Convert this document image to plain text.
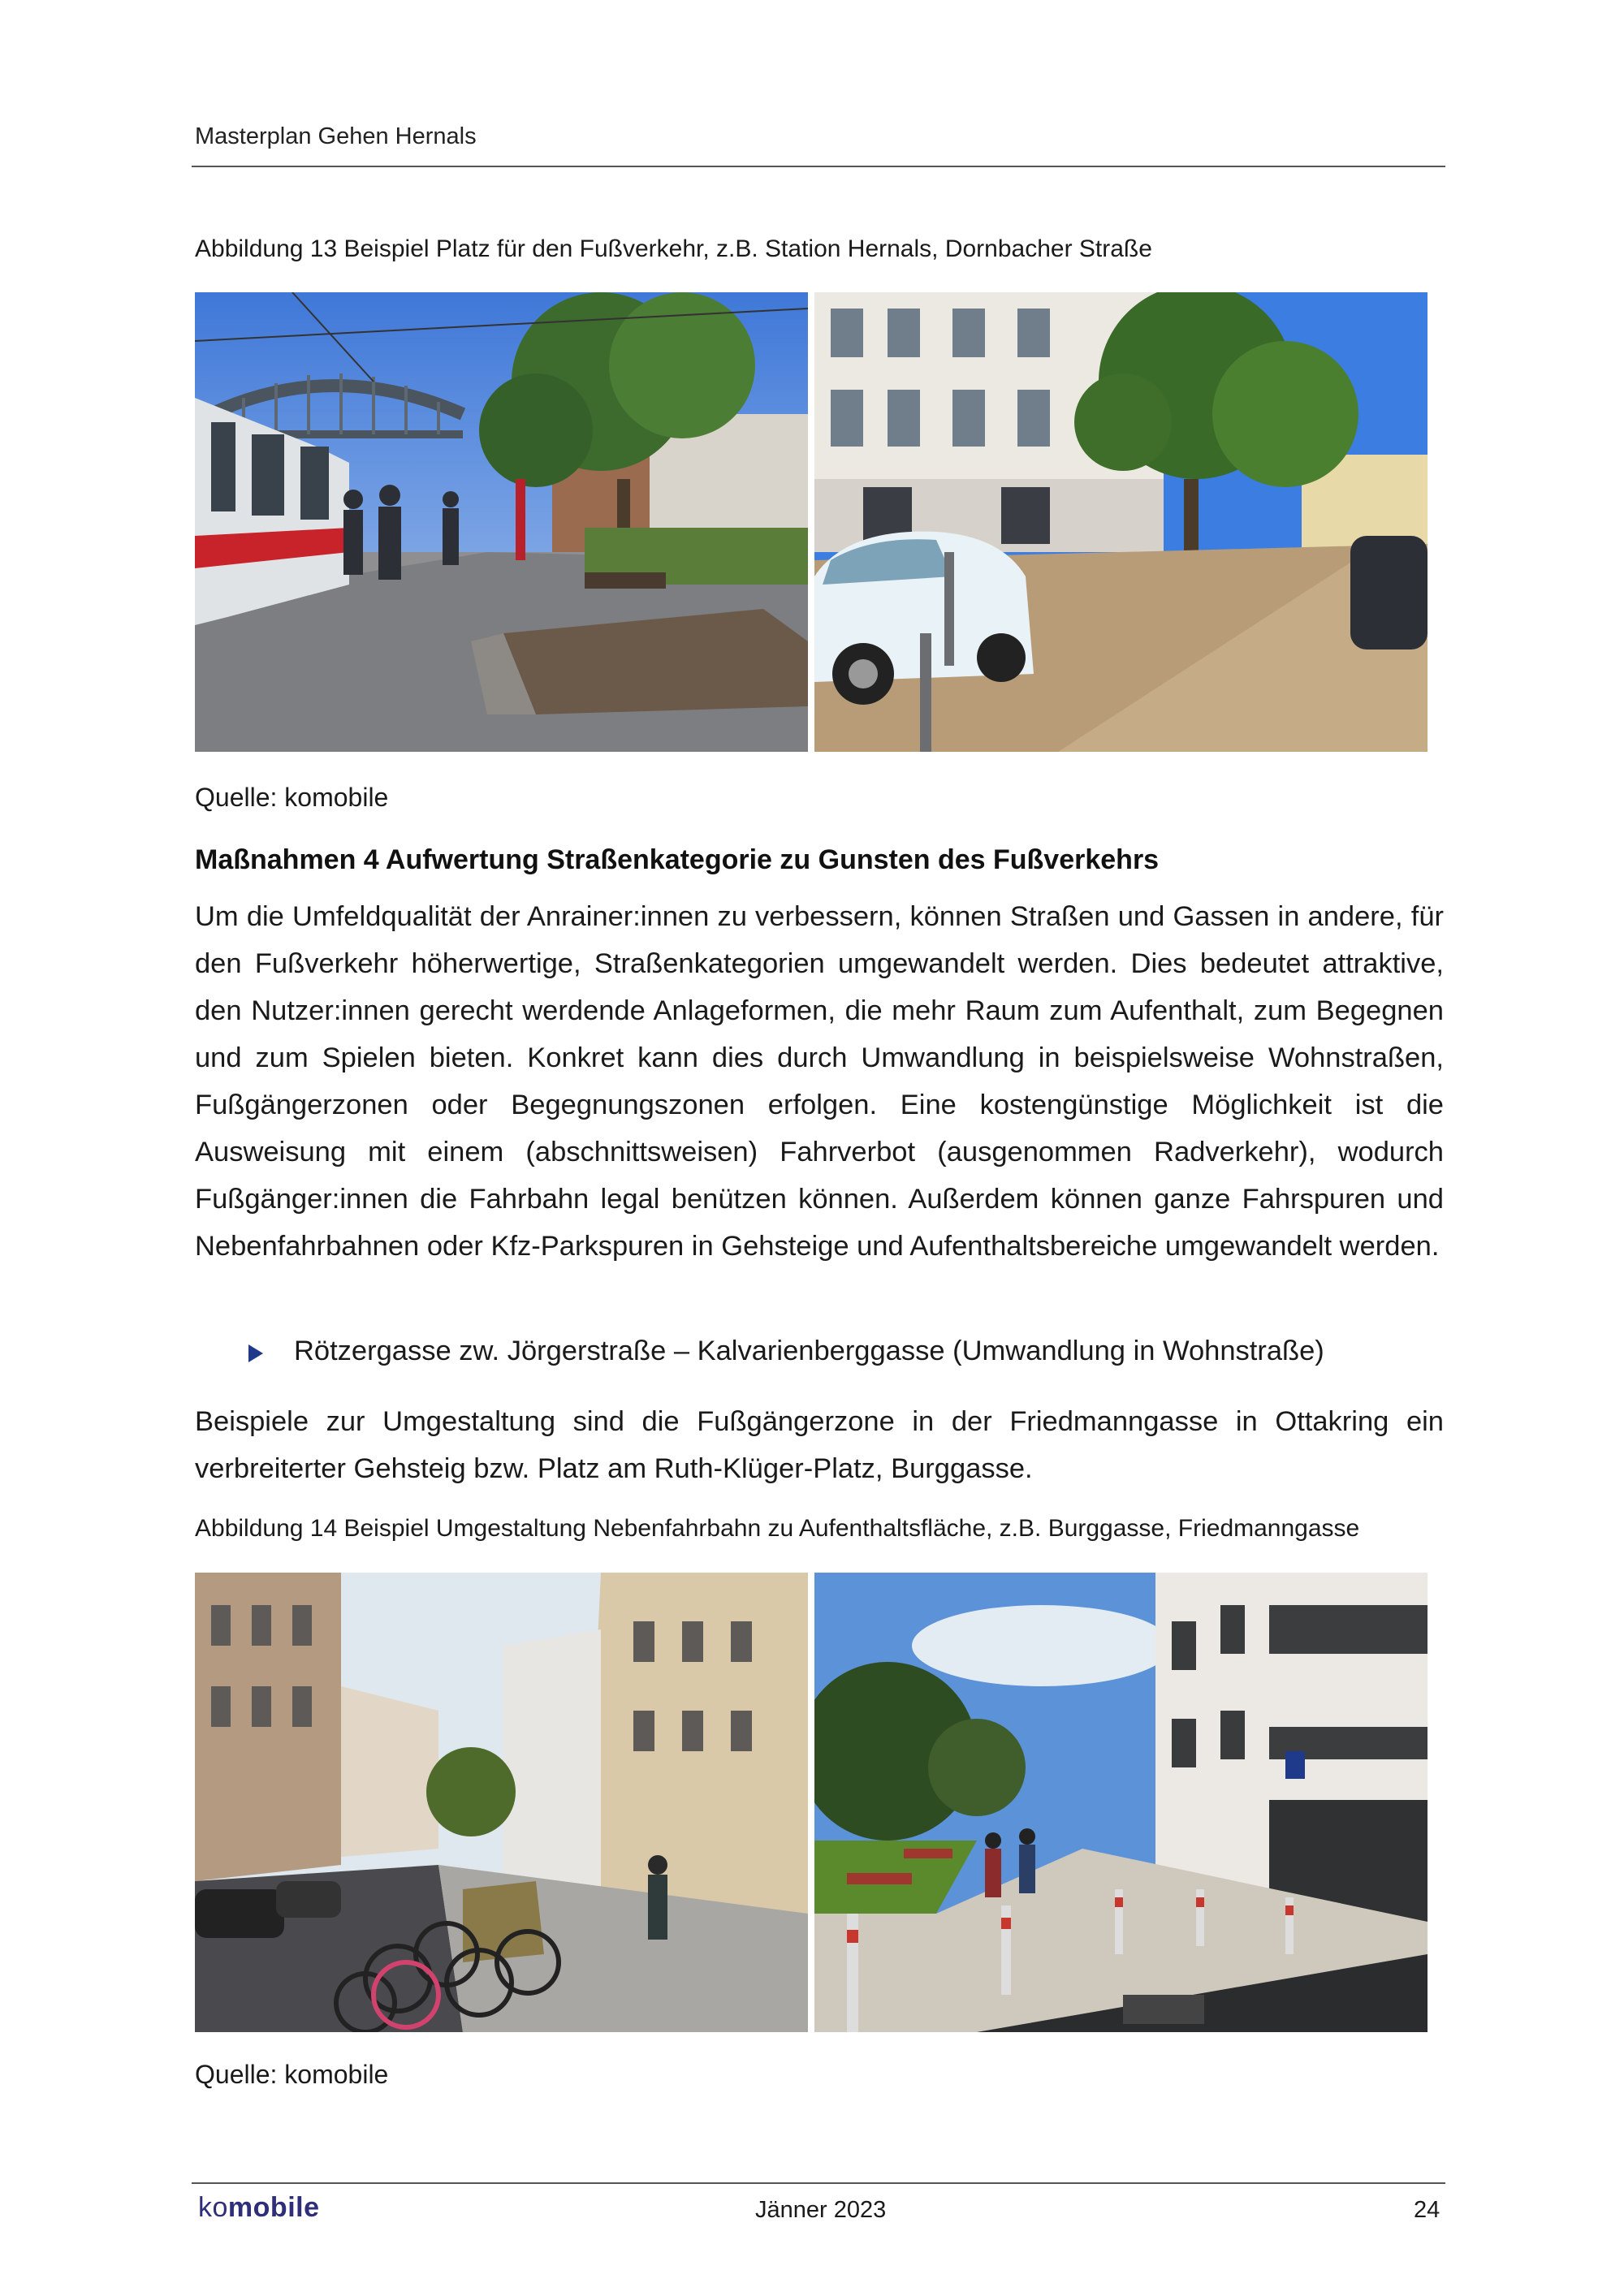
Masterplan Gehen Hernals
Abbildung 13 Beispiel Platz für den Fußverkehr, z.B. Station Hernals, Dornbacher Straße
Quelle: komobile
Maßnahmen 4 Aufwertung Straßenkategorie zu Gunsten des Fußverkehrs
Um die Umfeldqualität der Anrainer:innen zu verbessern, können Straßen und Gassen in andere, für den Fußverkehr höherwertige, Straßenkategorien umgewandelt werden. Dies bedeutet attraktive, den Nutzer:innen gerecht werdende Anlageformen, die mehr Raum zum Aufenthalt, zum Begegnen und zum Spielen bieten. Konkret kann dies durch Umwandlung in beispielsweise Wohnstraßen, Fußgängerzonen oder Begegnungszonen erfolgen. Eine kostengünstige Möglichkeit ist die Ausweisung mit einem (abschnittsweisen) Fahrverbot (ausgenommen Radverkehr), wodurch Fußgänger:innen die Fahrbahn legal benützen können. Außerdem können ganze Fahrspuren und Nebenfahrbahnen oder Kfz-Parkspuren in Gehsteige und Aufenthaltsbereiche umgewandelt werden.
Rötzergasse zw. Jörgerstraße – Kalvarienberggasse (Umwandlung in Wohnstraße)
Beispiele zur Umgestaltung sind die Fußgängerzone in der Friedmanngasse in Ottakring ein verbreiterter Gehsteig bzw. Platz am Ruth-Klüger-Platz, Burggasse.
Abbildung 14 Beispiel Umgestaltung Nebenfahrbahn zu Aufenthaltsfläche, z.B. Burggasse, Friedmanngasse
Quelle: komobile
komobile	Jänner 2023	24
